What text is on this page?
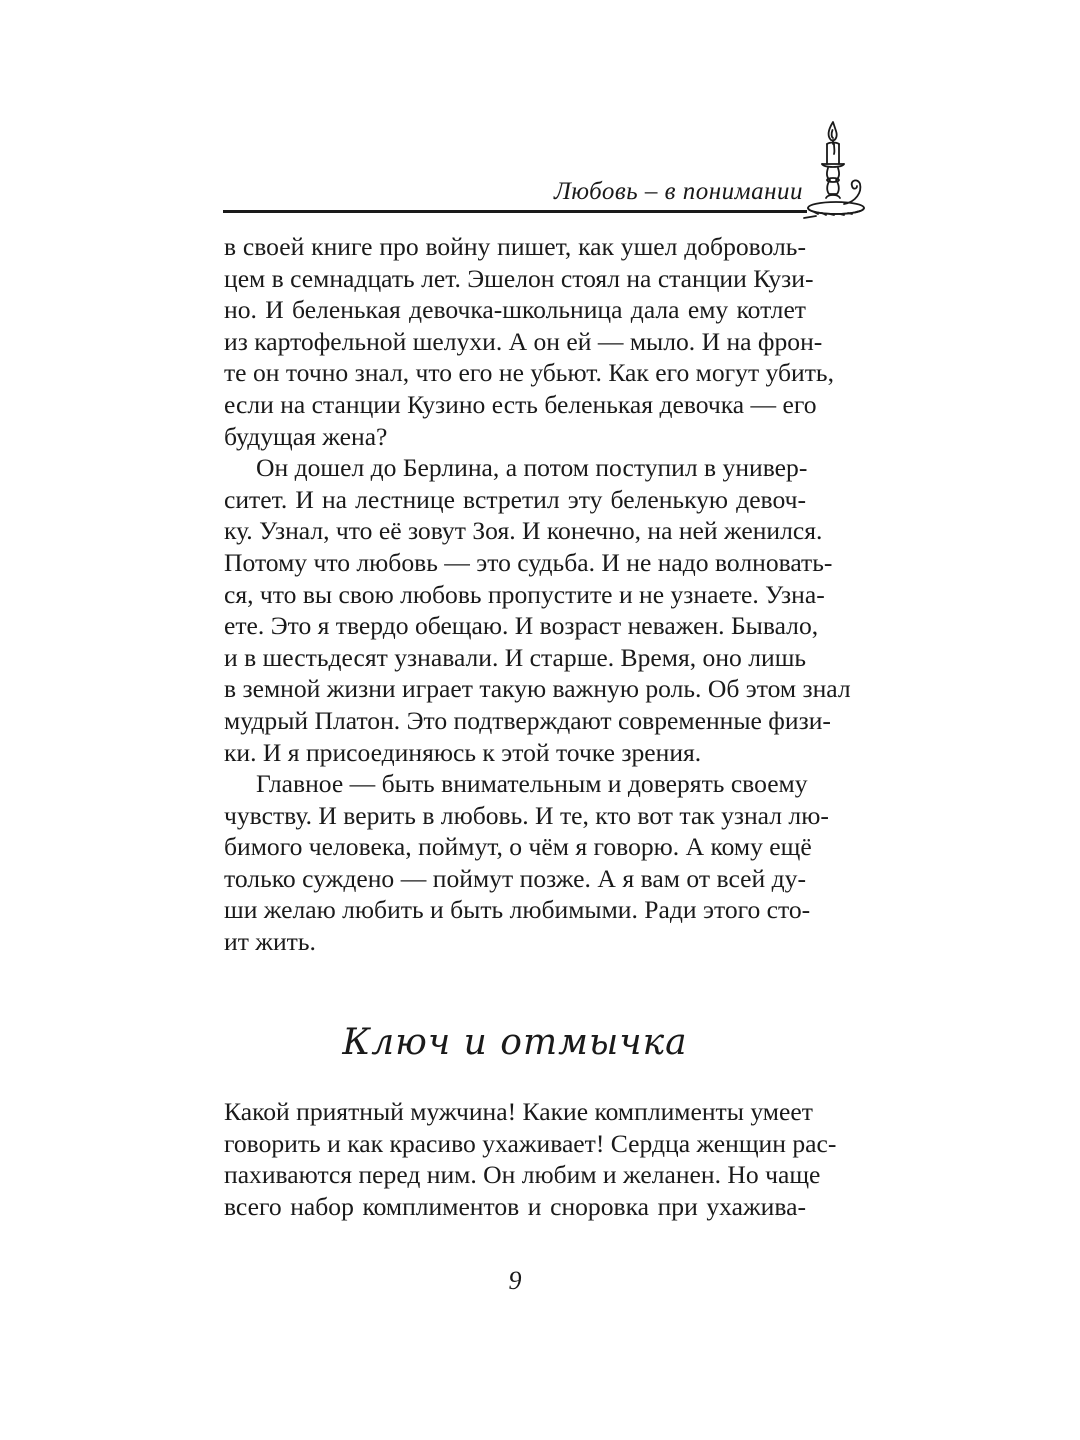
Любовь – в понимании

в своей книге про войну пишет, как ушел доброволь-
цем в семнадцать лет. Эшелон стоял на станции Кузи-
но. И беленькая девочка-школьница дала ему котлет
из картофельной шелухи. А он ей — мыло. И на фрон-
те он точно знал, что его не убьют. Как его могут убить,
если на станции Кузино есть беленькая девочка — его
будущая жена?

Он дошел до Берлина, а потом поступил в универ-
ситет. И на лестнице встретил эту беленькую девоч-
ку. Узнал, что её зовут Зоя. И конечно, на ней женился.
Потому что любовь — это судьба. И не надо волновать-
ся, что вы свою любовь пропустите и не узнаете. Узна-
ете. Это я твердо обещаю. И возраст неважен. Бывало,
и в шестьдесят узнавали. И старше. Время, оно лишь
в земной жизни играет такую важную роль. Об этом знал
мудрый Платон. Это подтверждают современные физи-
ки. И я присоединяюсь к этой точке зрения.

Главное — быть внимательным и доверять своему
чувству. И верить в любовь. И те, кто вот так узнал лю-
бимого человека, поймут, о чём я говорю. А кому ещё
только суждено — поймут позже. А я вам от всей ду-
ши желаю любить и быть любимыми. Ради этого сто-
ит жить.

Ключ и отмычка

Какой приятный мужчина! Какие комплименты умеет
говорить и как красиво ухаживает! Сердца женщин рас-
пахиваются перед ним. Он любим и желанен. Но чаще
всего набор комплиментов и сноровка при ухажива-

9
